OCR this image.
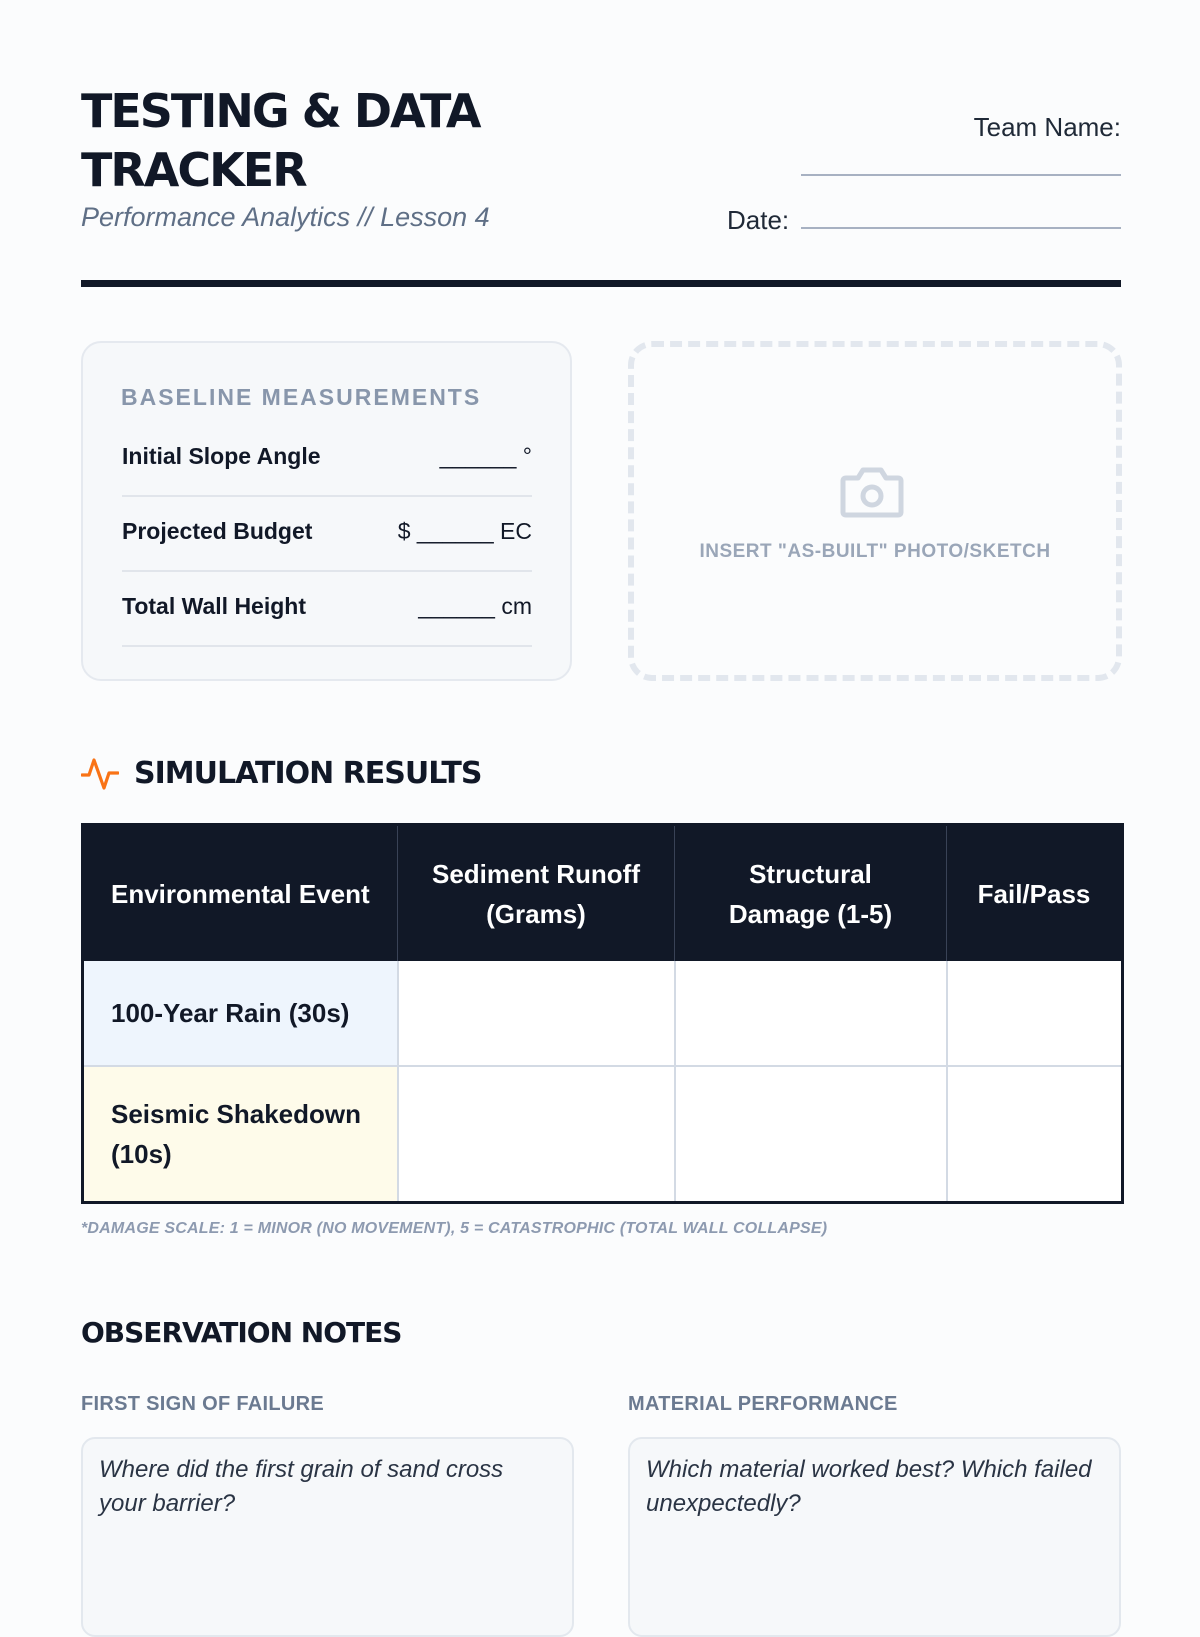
TESTING & DATA TRACKER

Performance Analytics // Lesson 4

Team Name:
Date:
BASELINE MEASUREMENTS
Initial Slope Angle	______ °
Projected Budget	$ ______ EC
Total Wall Height	______ cm
INSERT "AS-BUILT" PHOTO/SKETCH
SIMULATION RESULTS
Environmental Event	Sediment Runoff (Grams)	Structural Damage (1-5)	Fail/Pass
100-Year Rain (30s)			
Seismic Shakedown (10s)			
*DAMAGE SCALE: 1 = MINOR (NO MOVEMENT), 5 = CATASTROPHIC (TOTAL WALL COLLAPSE)
OBSERVATION NOTES
FIRST SIGN OF FAILURE
Where did the first grain of sand cross your barrier?
MATERIAL PERFORMANCE
Which material worked best? Which failed unexpectedly?
